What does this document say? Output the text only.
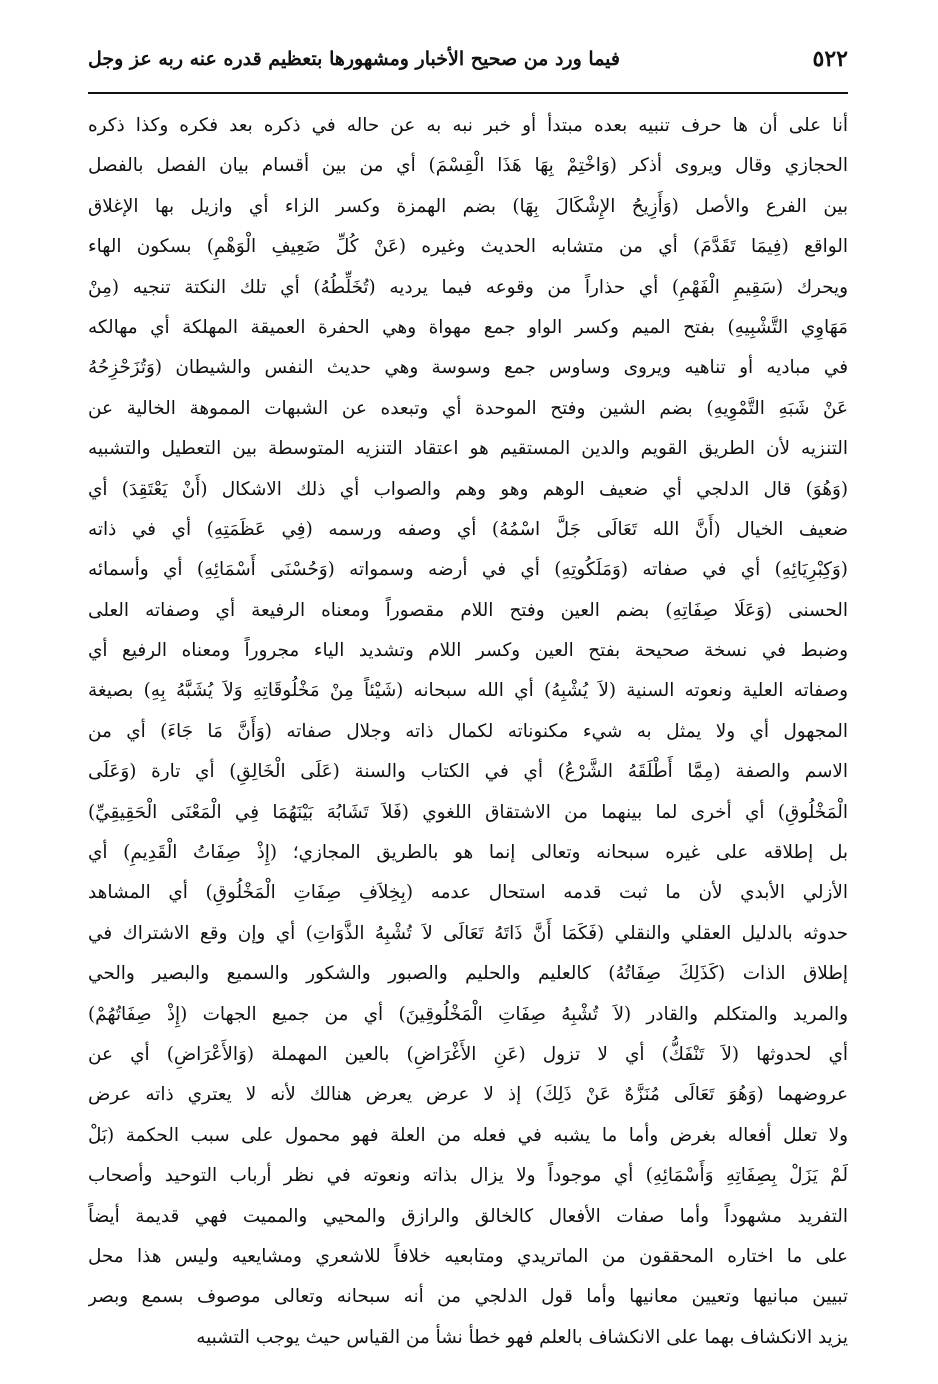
٥٢٢
فيما ورد من صحيح الأخبار ومشهورها بتعظيم قدره عنه ربه عز وجل
أنا على أن ها حرف تنبيه بعده مبتدأ أو خبر نبه به عن حاله في ذكره بعد فكره وكذا ذكره
الحجازي وقال ويروى أذكر (وَاخْتِمْ بِهَا هَذَا الْقِسْمَ) أي من بين أقسام بيان الفصل بالفصل
بين الفرع والأصل (وَأَزِيحُ الإِشْكَالَ بِهَا) بضم الهمزة وكسر الزاء أي وازيل بها الإغلاق
الواقع (فِيمَا تَقَدَّمَ) أي من متشابه الحديث وغيره (عَنْ كُلِّ ضَعِيفِ الْوَهْمِ) بسكون الهاء
ويحرك (سَقِيمِ الْفَهْمِ) أي حذاراً من وقوعه فيما يرديه (تُخَلِّطُهُ) أي تلك النكتة تنجيه (مِنْ
مَهَاوِي التَّشْبِيهِ) بفتح الميم وكسر الواو جمع مهواة وهي الحفرة العميقة المهلكة أي مهالكه
في مباديه أو تناهيه ويروى وساوس جمع وسوسة وهي حديث النفس والشيطان (وَتُزَحْزِحُهُ
عَنْ شَبَهِ التَّمْوِيهِ) بضم الشين وفتح الموحدة أي وتبعده عن الشبهات المموهة الخالية عن
التنزيه لأن الطريق القويم والدين المستقيم هو اعتقاد التنزيه المتوسطة بين التعطيل والتشبيه
(وَهُوَ) قال الدلجي أي ضعيف الوهم وهو وهم والصواب أي ذلك الاشكال (أَنْ يَعْتَقِدَ) أي
ضعيف الخيال (أَنَّ الله تَعَالَى جَلَّ اسْمُهُ) أي وصفه ورسمه (فِي عَظَمَتِهِ) أي في ذاته
(وَكِبْرِيَائِهِ) أي في صفاته (وَمَلَكُوتِهِ) أي في أرضه وسمواته (وَحُسْنَى أَسْمَائِهِ) أي وأسمائه
الحسنى (وَعَلَا صِفَاتِهِ) بضم العين وفتح اللام مقصوراً ومعناه الرفيعة أي وصفاته العلى
وضبط في نسخة صحيحة بفتح العين وكسر اللام وتشديد الياء مجروراً ومعناه الرفيع أي
وصفاته العلية ونعوته السنية (لاَ يُشْبِهُ) أي الله سبحانه (شَيْئاً مِنْ مَخْلُوقَاتِهِ وَلاَ يُشَبَّهُ بِهِ) بصيغة
المجهول أي ولا يمثل به شيء مكنوناته لكمال ذاته وجلال صفاته (وَأَنَّ مَا جَاءَ) أي من
الاسم والصفة (مِمَّا أَطْلَقَهُ الشَّرْعُ) أي في الكتاب والسنة (عَلَى الْخَالِقِ) أي تارة (وَعَلَى
الْمَخْلُوقِ) أي أخرى لما بينهما من الاشتقاق اللغوي (فَلاَ تَشَابُهَ بَيْنَهُمَا فِي الْمَعْنَى الْحَقِيقِيِّ)
بل إطلاقه على غيره سبحانه وتعالى إنما هو بالطريق المجازي؛ (إِذْ صِفَاتُ الْقَدِيمِ) أي
الأزلي الأبدي لأن ما ثبت قدمه استحال عدمه (بِخِلاَفِ صِفَاتِ الْمَخْلُوقِ) أي المشاهد
حدوثه بالدليل العقلي والنقلي (فَكَمَا أَنَّ ذَاتَهُ تَعَالَى لاَ تُشْبِهُ الذَّوَاتِ) أي وإن وقع الاشتراك في
إطلاق الذات (كَذَلِكَ صِفَاتُهُ) كالعليم والحليم والصبور والشكور والسميع والبصير والحي
والمريد والمتكلم والقادر (لاَ تُشْبِهُ صِفَاتِ الْمَخْلُوقِينَ) أي من جميع الجهات (إِذْ صِفَاتُهُمْ)
أي لحدوثها (لاَ تَنْفَكُّ) أي لا تزول (عَنِ الأَغْرَاضِ) بالعين المهملة (وَالأَعْرَاضِ) أي عن
عروضهما (وَهُوَ تَعَالَى مُنَزَّهٌ عَنْ ذَلِكَ) إذ لا عرض يعرض هنالك لأنه لا يعتري ذاته عرض
ولا تعلل أفعاله بغرض وأما ما يشبه في فعله من العلة فهو محمول على سبب الحكمة (بَلْ
لَمْ يَزَلْ بِصِفَاتِهِ وَأَسْمَائِهِ) أي موجوداً ولا يزال بذاته ونعوته في نظر أرباب التوحيد وأصحاب
التفريد مشهوداً وأما صفات الأفعال كالخالق والرازق والمحيي والمميت فهي قديمة أيضاً
على ما اختاره المحققون من الماتريدي ومتابعيه خلافاً للاشعري ومشايعيه وليس هذا محل
تبيين مبانيها وتعيين معانيها وأما قول الدلجي من أنه سبحانه وتعالى موصوف بسمع وبصر
يزيد الانكشاف بهما على الانكشاف بالعلم فهو خطأ نشأ من القياس حيث يوجب التشبيه
